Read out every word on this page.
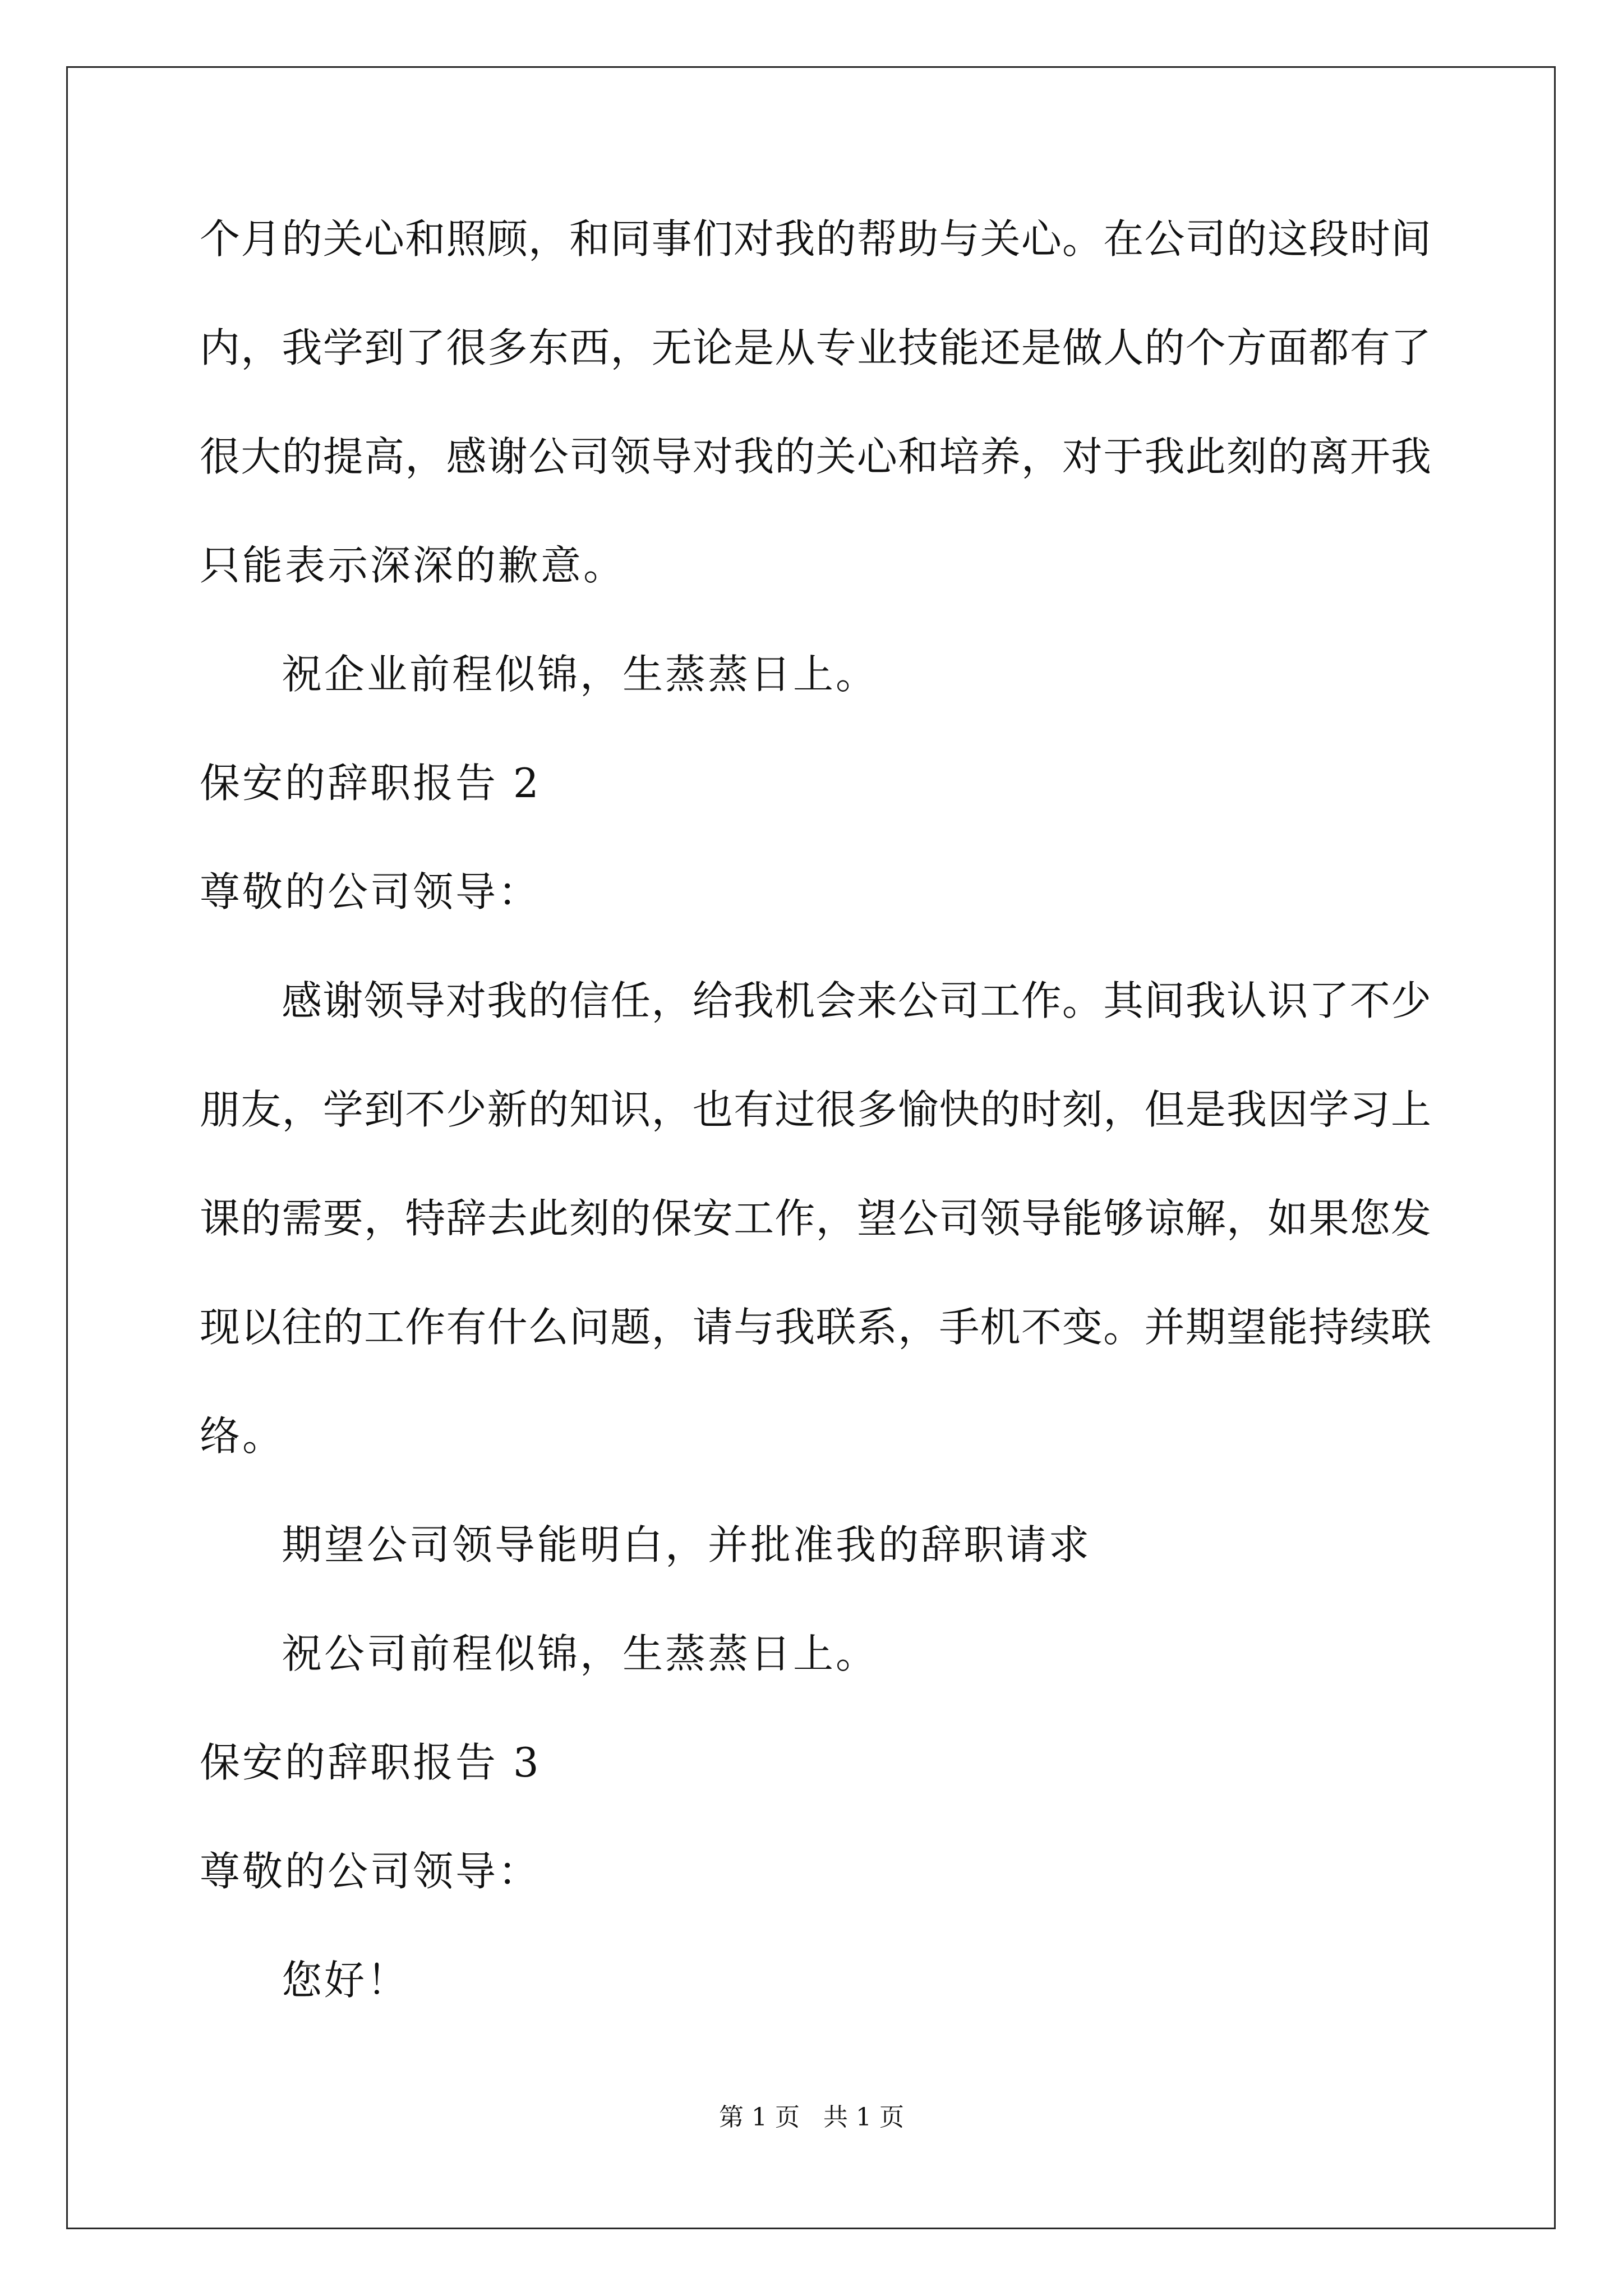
个月的关心和照顾，和同事们对我的帮助与关心。在公司的这段时间
内，我学到了很多东西，无论是从专业技能还是做人的个方面都有了
很大的提高，感谢公司领导对我的关心和培养，对于我此刻的离开我
只能表示深深的歉意。
祝企业前程似锦，生蒸蒸日上。
保安的辞职报告 2
尊敬的公司领导：
感谢领导对我的信任，给我机会来公司工作。其间我认识了不少
朋友，学到不少新的知识，也有过很多愉快的时刻，但是我因学习上
课的需要，特辞去此刻的保安工作，望公司领导能够谅解，如果您发
现以往的工作有什么问题，请与我联系，手机不变。并期望能持续联
络。
期望公司领导能明白，并批准我的辞职请求
祝公司前程似锦，生蒸蒸日上。
保安的辞职报告 3
尊敬的公司领导：
您好！
第 1 页 共 1 页
